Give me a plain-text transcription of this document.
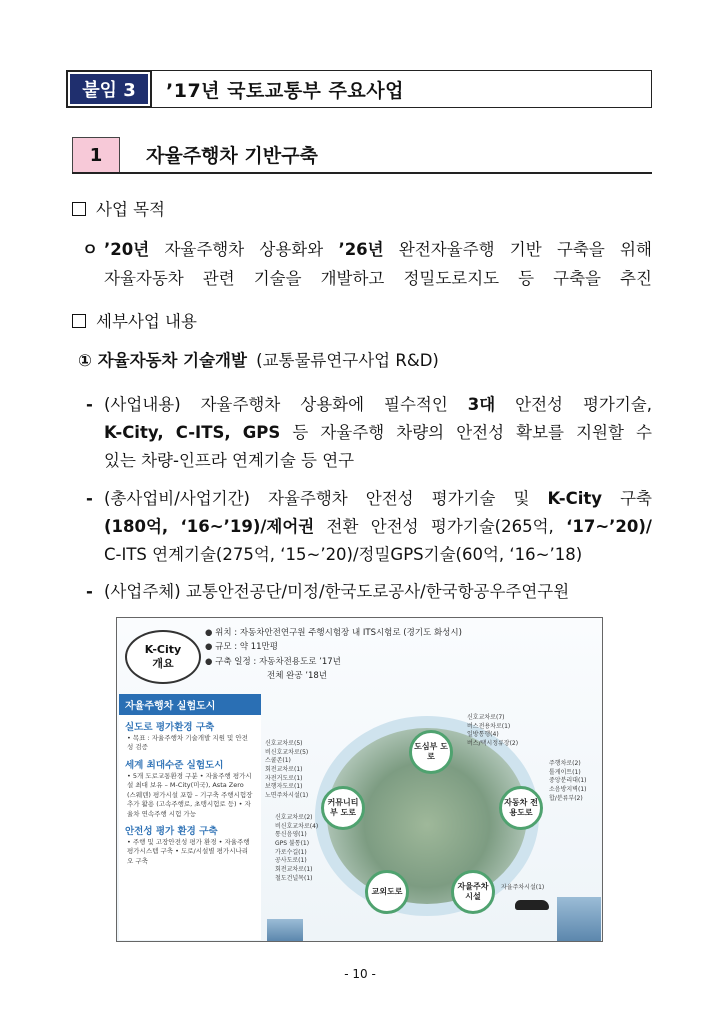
붙임 3	’17년 국토교통부 주요사업
1	자율주행차 기반구축
사업 목적
ㅇ ’20년 자율주행차 상용화와 ’26년 완전자율주행 기반 구축을 위해
자율자동차 관련 기술을 개발하고 정밀도로지도 등 구축을 추진
세부사업 내용
① 자율자동차 기술개발 (교통물류연구사업 R&D)
- (사업내용) 자율주행차 상용화에 필수적인 3대 안전성 평가기술,
K-City, C-ITS, GPS 등 자율주행 차량의 안전성 확보를 지원할 수
있는 차량-인프라 연계기술 등 연구
- (총사업비/사업기간) 자율주행차 안전성 평가기술 및 K-City 구축
(180억, ‘16~’19)/제어권 전환 안전성 평가기술(265억, ‘17~’20)/
C-ITS 연계기술(275억, ‘15~’20)/정밀GPS기술(60억, ‘16~’18)
- (사업주체) 교통안전공단/미정/한국도로공사/한국항공우주연구원
K-City
개요
● 위치 : 자동차안전연구원 주행시험장 내 ITS시험로 (경기도 화성시)
● 규모 : 약 11만평
● 구축 일정 : 자동차전용도로 ’17년
전체 완공 ’18년
자율주행차 실험도시
실도로 평가환경 구축
• 목표 : 자율주행차 기술개발 지원 및 안전성 검증
세계 최대수준 실험도시
• 5개 도로교통환경 구분 • 자율주행 평가시설 최대 보유 – M-City(미국), Asta Zero (스웨덴) 평가시설 포함 – 기구축 주행시험장 추가 활용 (고속주행로, 초탱시험로 등) • 자율차 연속주행 시험 가능
안전성 평가 환경 구축
• 주행 및 고장안전성 평가 환경 • 자율주행 평가시스템 구축 • 도로/시설별 평가시나리오 구축
도심부 도로
커뮤니티부 도로
자동차 전용도로
교외도로
자율주차 시설
신호교차로(7)
버스전용차로(1)
일방통행(4)
버스/택시정류장(2)
신호교차로(5)
비신호교차로(5)
스쿨존(1)
회전교차로(1)
자전거도로(1)
보행자도로(1)
노면주차시설(1)
주행차로(2)
톨게이트(1)
중앙분리대(1)
소음방지벽(1)
합/분류부(2)
신호교차로(2)
비신호교차로(4)
통신음영(1)
GPS 불통(1)
가로수길(1)
공사도로(1)
회전교차로(1)
철도건널목(1)
자율주차시설(1)
- 10 -
